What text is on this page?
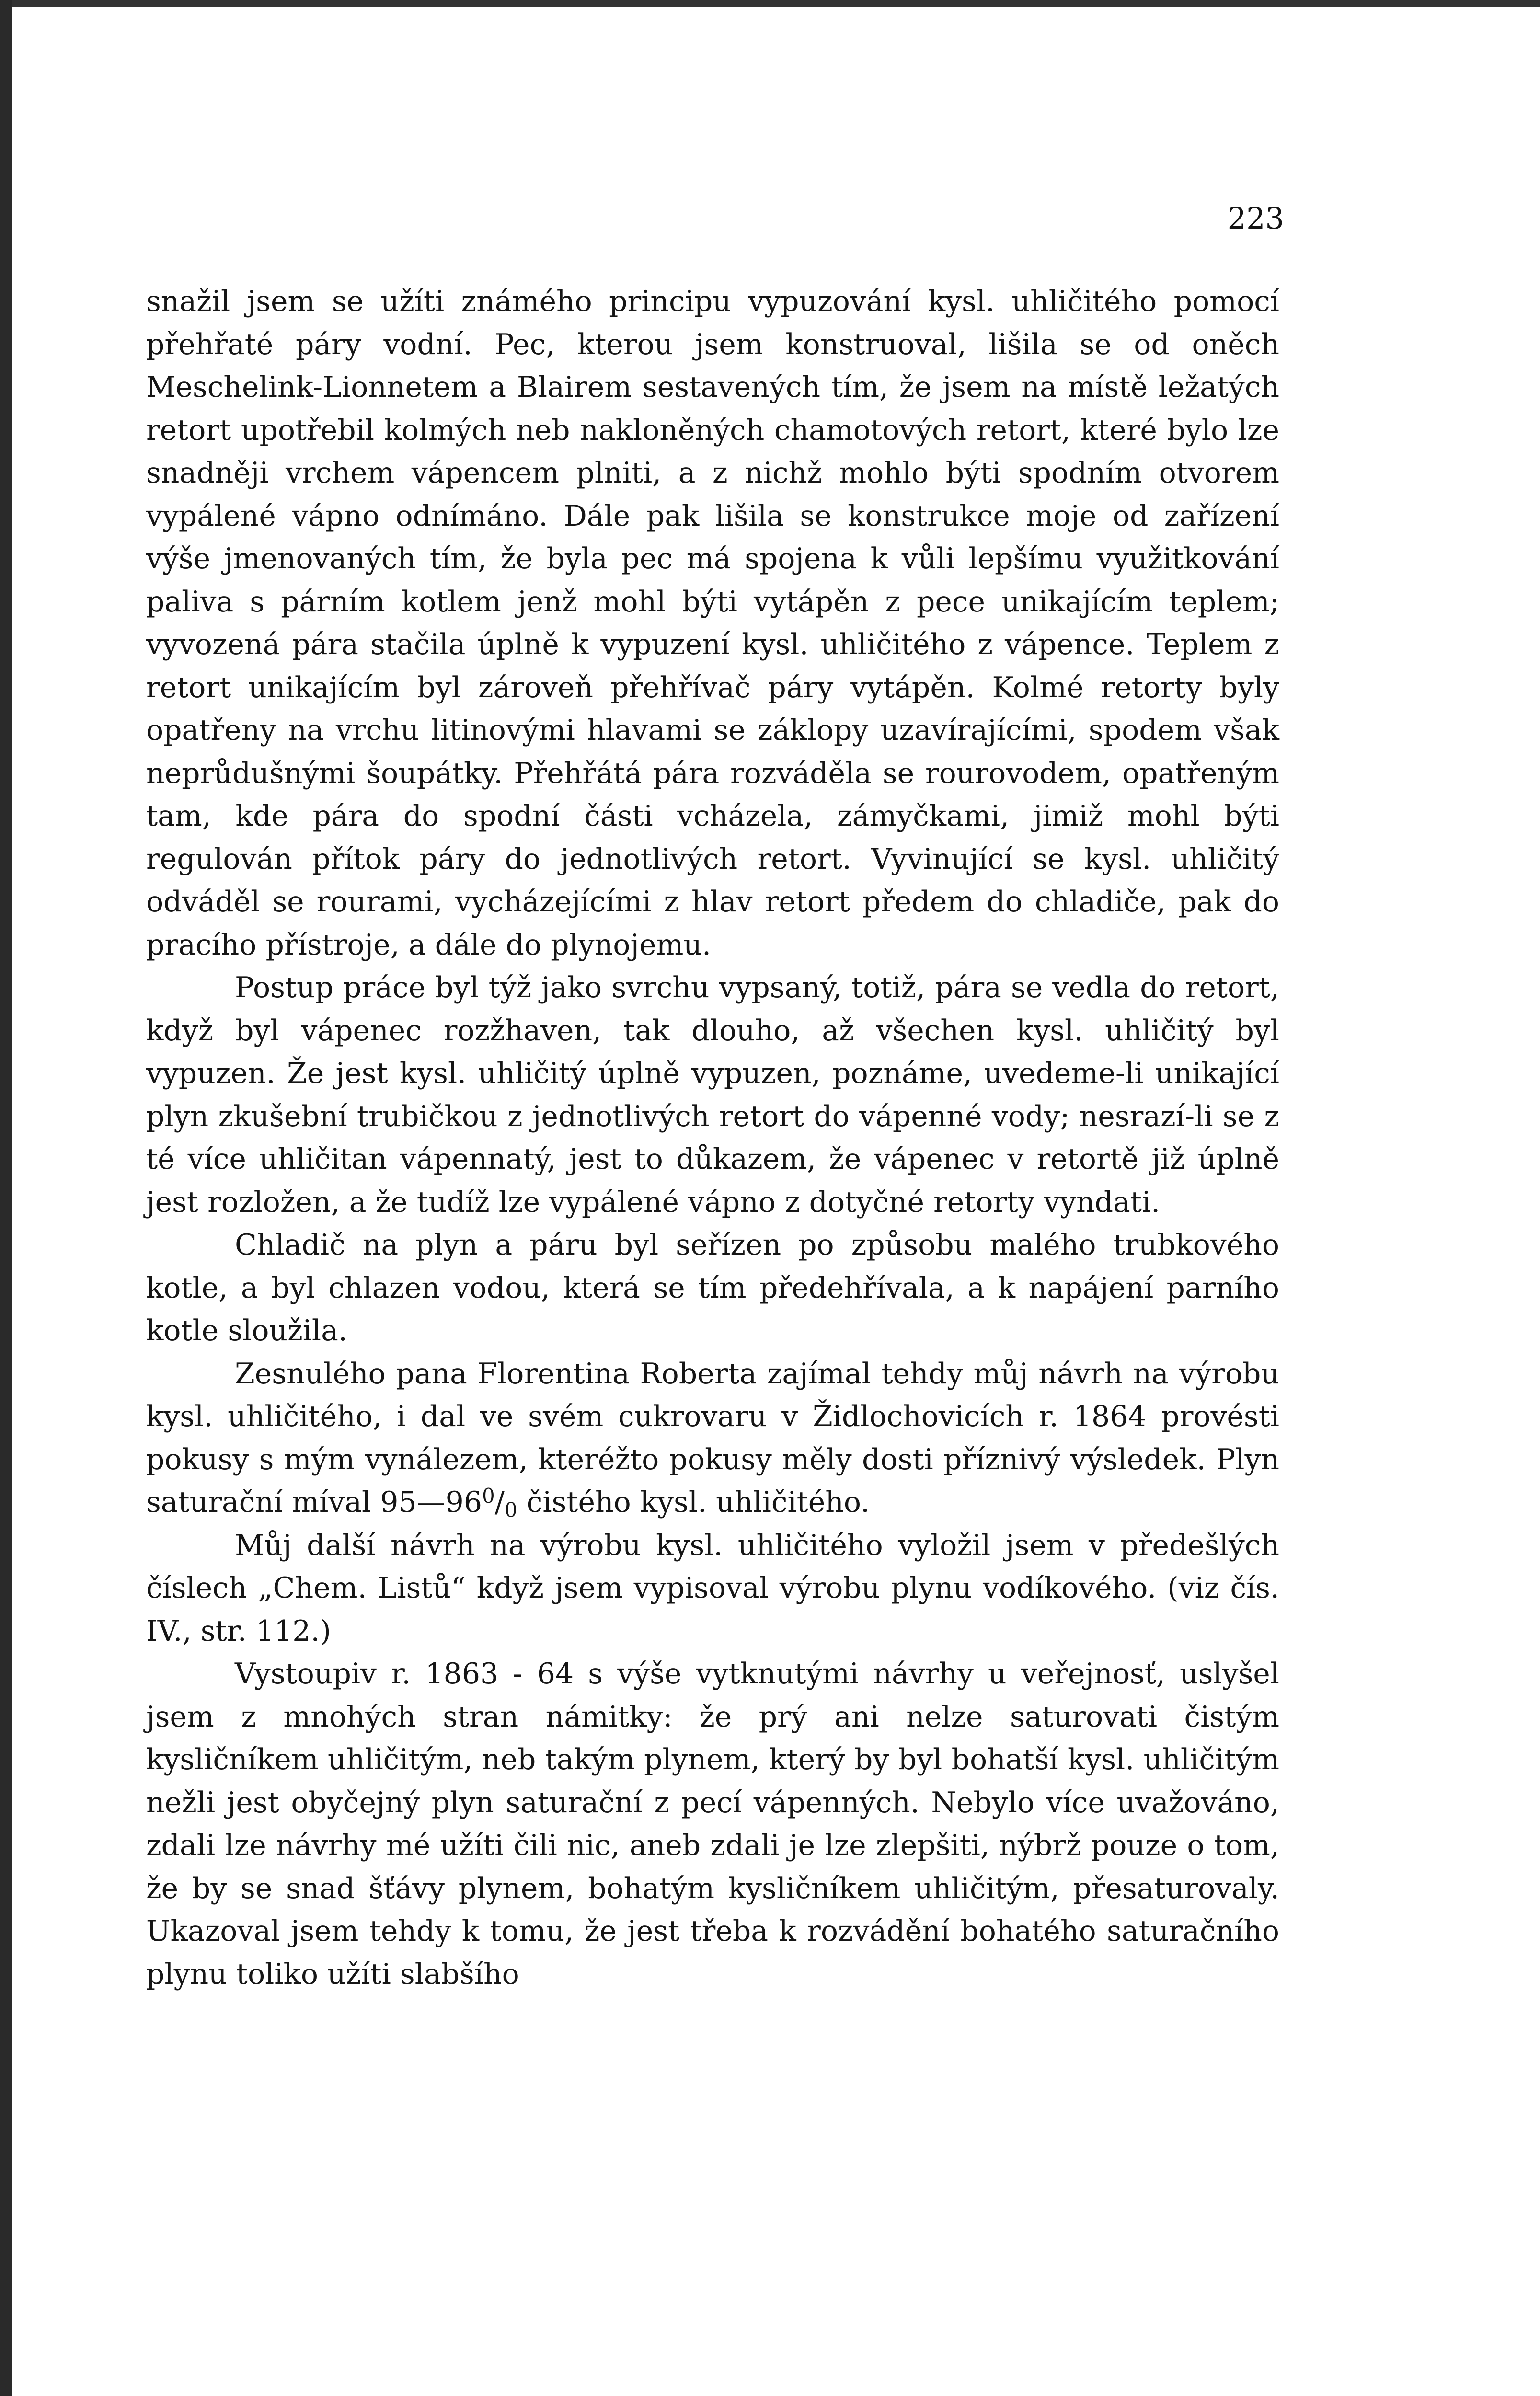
223

snažil jsem se užíti známého principu vypuzování kysl. uhličitého pomocí přehřaté páry vodní. Pec, kterou jsem konstruoval, lišila se od oněch Meschelink-Lionnetem a Blairem sestavených tím, že jsem na místě ležatých retort upotřebil kolmých neb nakloněných chamotových retort, které bylo lze snadněji vrchem vápencem plniti, a z nichž mohlo býti spodním otvorem vypálené vápno odnímáno. Dále pak lišila se konstrukce moje od zařízení výše jmenovaných tím, že byla pec má spojena k vůli lepšímu využitkování paliva s párním kotlem jenž mohl býti vytápěn z pece unikajícím teplem; vyvozená pára stačila úplně k vypuzení kysl. uhličitého z vápence. Teplem z retort unikajícím byl zároveň přehřívač páry vytápěn. Kolmé retorty byly opatřeny na vrchu litinovými hlavami se záklopy uzavírajícími, spodem však neprůdušnými šoupátky. Přehřátá pára rozváděla se rourovodem, opatřeným tam, kde pára do spodní části vcházela, zámyčkami, jimiž mohl býti regulován přítok páry do jednotlivých retort. Vyvinující se kysl. uhličitý odváděl se rourami, vycházejícími z hlav retort předem do chladiče, pak do pracího přístroje, a dále do plynojemu.

Postup práce byl týž jako svrchu vypsaný, totiž, pára se vedla do retort, když byl vápenec rozžhaven, tak dlouho, až všechen kysl. uhličitý byl vypuzen. Že jest kysl. uhličitý úplně vypuzen, poznáme, uvedeme-li unikající plyn zkušební trubičkou z jednotlivých retort do vápenné vody; nesrazí-li se z té více uhličitan vápennatý, jest to důkazem, že vápenec v retortě již úplně jest rozložen, a že tudíž lze vypálené vápno z dotyčné retorty vyndati.

Chladič na plyn a páru byl seřízen po způsobu malého trubkového kotle, a byl chlazen vodou, která se tím předehřívala, a k napájení parního kotle sloužila.

Zesnulého pana Florentina Roberta zajímal tehdy můj návrh na výrobu kysl. uhličitého, i dal ve svém cukrovaru v Židlochovicích r. 1864 provésti pokusy s mým vynálezem, kteréžto pokusy měly dosti příznivý výsledek. Plyn saturační míval $95—96^0/_0$ čistého kysl. uhličitého.

Můj další návrh na výrobu kysl. uhličitého vyložil jsem v předešlých číslech „Chem. Listů“ když jsem vypisoval výrobu plynu vodíkového. (viz čís. IV., str. 112.)

Vystoupiv r. 1863 - 64 s výše vytknutými návrhy u veřejnosť, uslyšel jsem z mnohých stran námitky: že prý ani nelze saturovati čistým kysličníkem uhličitým, neb takým plynem, který by byl bohatší kysl. uhličitým nežli jest obyčejný plyn saturační z pecí vápenných. Nebylo více uvažováno, zdali lze návrhy mé užíti čili nic, aneb zdali je lze zlepšiti, nýbrž pouze o tom, že by se snad šťávy plynem, bohatým kysličníkem uhličitým, přesaturovaly. Ukazoval jsem tehdy k tomu, že jest třeba k rozvádění bohatého saturačního plynu toliko užíti slabšího
